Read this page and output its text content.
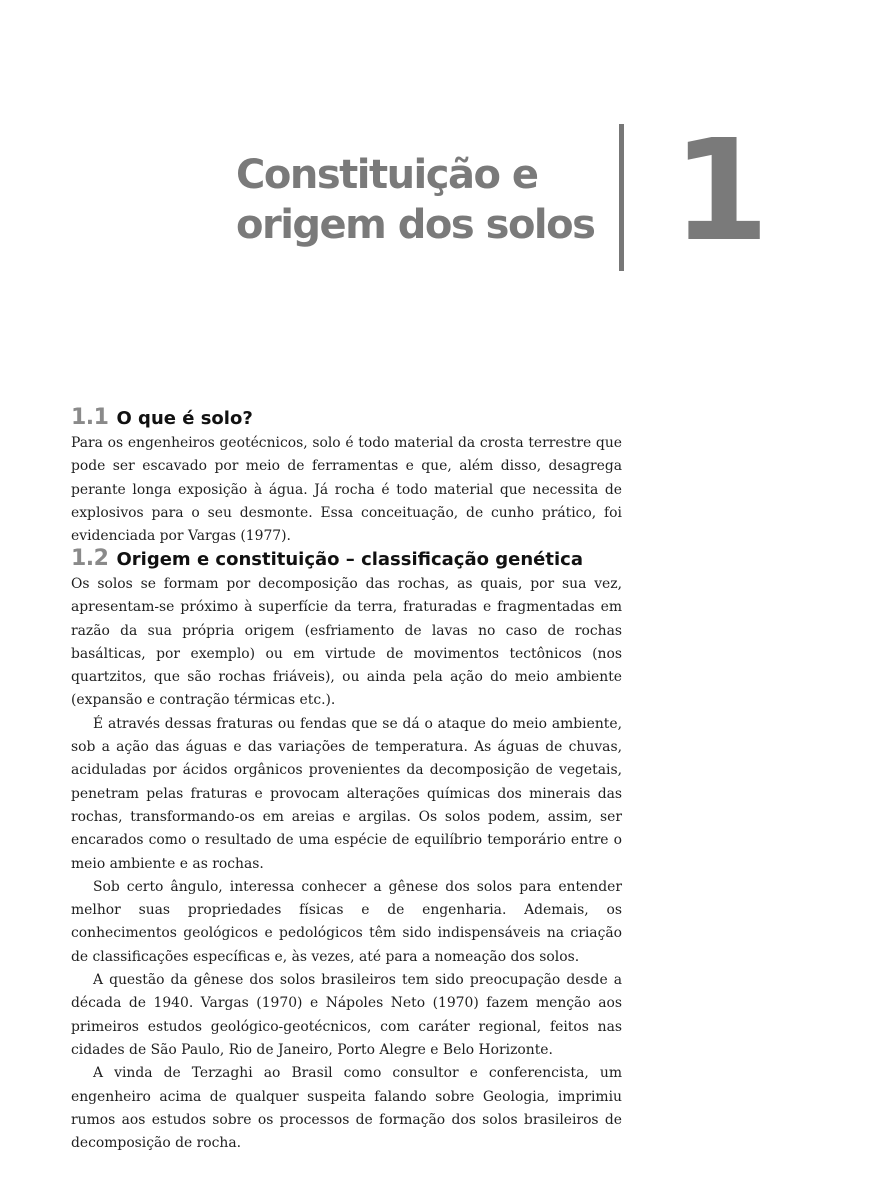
Constituição e
origem dos solos 1
1.1 O que é solo?

Para os engenheiros geotécnicos, solo é todo material da crosta terrestre que pode ser escavado por meio de ferramentas e que, além disso, desagrega perante longa exposição à água. Já rocha é todo material que necessita de explosivos para o seu desmonte. Essa conceituação, de cunho prático, foi evidenciada por Vargas (1977).

1.2 Origem e constituição – classificação genética

Os solos se formam por decomposição das rochas, as quais, por sua vez, apresentam-se próximo à superfície da terra, fraturadas e fragmentadas em razão da sua própria origem (esfriamento de lavas no caso de rochas basálticas, por exemplo) ou em virtude de movimentos tectônicos (nos quartzitos, que são rochas friáveis), ou ainda pela ação do meio ambiente (expansão e contração térmicas etc.).

É através dessas fraturas ou fendas que se dá o ataque do meio ambiente, sob a ação das águas e das variações de temperatura. As águas de chuvas, aciduladas por ácidos orgânicos provenientes da decomposição de vegetais, penetram pelas fraturas e provocam alterações químicas dos minerais das rochas, transformando-os em areias e argilas. Os solos podem, assim, ser encarados como o resultado de uma espécie de equilíbrio temporário entre o meio ambiente e as rochas.

Sob certo ângulo, interessa conhecer a gênese dos solos para entender melhor suas propriedades físicas e de engenharia. Ademais, os conhecimentos geológicos e pedológicos têm sido indispensáveis na criação de classificações específicas e, às vezes, até para a nomeação dos solos.

A questão da gênese dos solos brasileiros tem sido preocupação desde a década de 1940. Vargas (1970) e Nápoles Neto (1970) fazem menção aos primeiros estudos geológico-geotécnicos, com caráter regional, feitos nas cidades de São Paulo, Rio de Janeiro, Porto Alegre e Belo Horizonte.

A vinda de Terzaghi ao Brasil como consultor e conferencista, um engenheiro acima de qualquer suspeita falando sobre Geologia, imprimiu rumos aos estudos sobre os processos de formação dos solos brasileiros de decomposição de rocha.
